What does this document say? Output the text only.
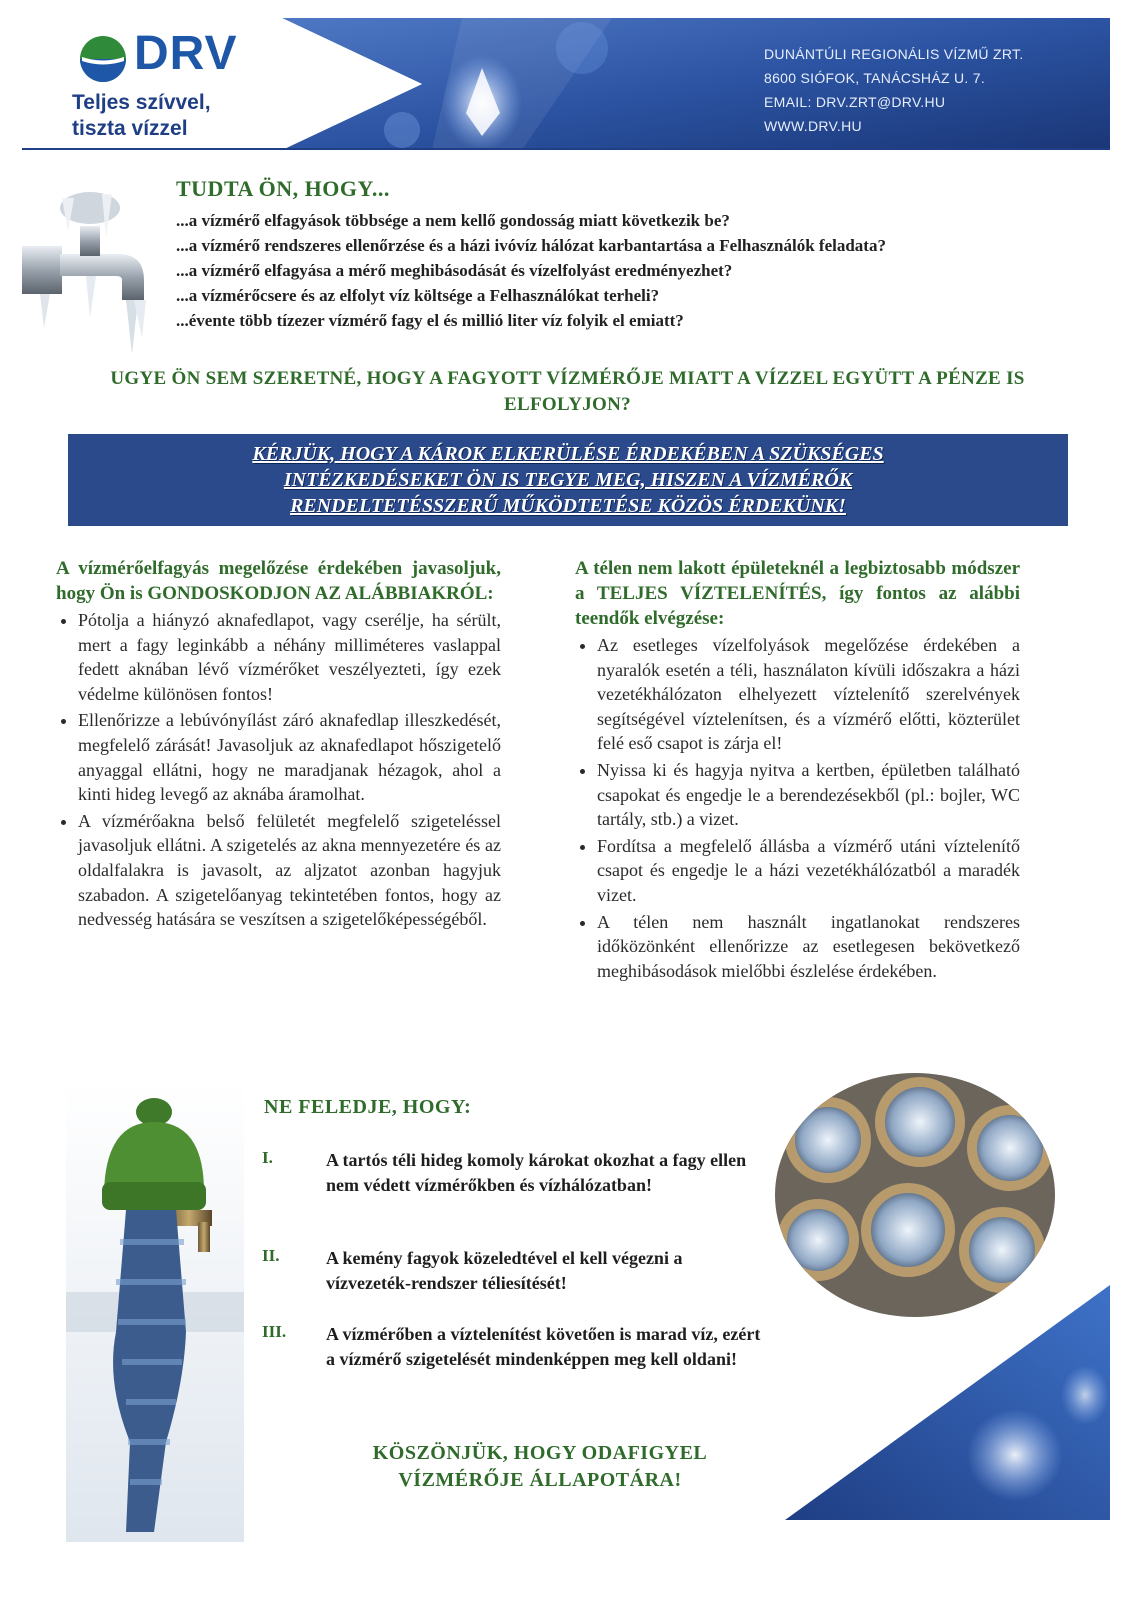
DRV
Teljes szívvel,
tiszta vízzel
DUNÁNTÚLI REGIONÁLIS VÍZMŰ ZRT.
8600 SIÓFOK, TANÁCSHÁZ U. 7.
EMAIL: DRV.ZRT@DRV.HU
WWW.DRV.HU
TUDTA ÖN, HOGY...
...a vízmérő elfagyások többsége a nem kellő gondosság miatt következik be?
...a vízmérő rendszeres ellenőrzése és a házi ivóvíz hálózat karbantartása a Felhasználók feladata?
...a vízmérő elfagyása a mérő meghibásodását és vízelfolyást eredményezhet?
...a vízmérőcsere és az elfolyt víz költsége a Felhasználókat terheli?
...évente több tízezer vízmérő fagy el és millió liter víz folyik el emiatt?
UGYE ÖN SEM SZERETNÉ, HOGY A FAGYOTT VÍZMÉRŐJE MIATT A VÍZZEL EGYÜTT A PÉNZE IS ELFOLYJON?
KÉRJÜK, HOGY A KÁROK ELKERÜLÉSE ÉRDEKÉBEN A SZÜKSÉGES INTÉZKEDÉSEKET ÖN IS TEGYE MEG, HISZEN A VÍZMÉRŐK RENDELTETÉSSZERŰ MŰKÖDTETÉSE KÖZÖS ÉRDEKÜNK!
A vízmérőelfagyás megelőzése érdekében javasoljuk, hogy Ön is GONDOSKODJON AZ ALÁBBIAKRÓL:
• Pótolja a hiányzó aknafedlapot, vagy cserélje, ha sérült, mert a fagy leginkább a néhány milliméteres vaslappal fedett aknában lévő vízmérőket veszélyezteti, így ezek védelme különösen fontos!
• Ellenőrizze a lebúvónyílást záró aknafedlap illeszkedését, megfelelő zárását! Javasoljuk az aknafedlapot hőszigetelő anyaggal ellátni, hogy ne maradjanak hézagok, ahol a kinti hideg levegő az aknába áramolhat.
• A vízmérőakna belső felületét megfelelő szigeteléssel javasoljuk ellátni. A szigetelés az akna mennyezetére és az oldalfalakra is javasolt, az aljzatot azonban hagyjuk szabadon. A szigetelőanyag tekintetében fontos, hogy az nedvesség hatására se veszítsen a szigetelőképességéből.
A télen nem lakott épületeknél a legbiztosabb módszer a TELJES VÍZTELENÍTÉS, így fontos az alábbi teendők elvégzése:
• Az esetleges vízelfolyások megelőzése érdekében a nyaralók esetén a téli, használaton kívüli időszakra a házi vezetékhálózaton elhelyezett víztelenítő szerelvények segítségével víztelenítsen, és a vízmérő előtti, közterület felé eső csapot is zárja el!
• Nyissa ki és hagyja nyitva a kertben, épületben található csapokat és engedje le a berendezésekből (pl.: bojler, WC tartály, stb.) a vizet.
• Fordítsa a megfelelő állásba a vízmérő utáni víztelenítő csapot és engedje le a házi vezetékhálózatból a maradék vizet.
• A télen nem használt ingatlanokat rendszeres időközönként ellenőrizze az esetlegesen bekövetkező meghibásodások mielőbbi észlelése érdekében.
NE FELEDJE, HOGY:
I.	A tartós téli hideg komoly károkat okozhat a fagy ellen nem védett vízmérőkben és vízhálózatban!
II.	A kemény fagyok közeledtével el kell végezni a vízvezeték-rendszer téliesítését!
III. A vízmérőben a víztelenítést követően is marad víz, ezért a vízmérő szigetelését mindenképpen meg kell oldani!
KÖSZÖNJÜK, HOGY ODAFIGYEL
VÍZMÉRŐJE ÁLLAPOTÁRA!
